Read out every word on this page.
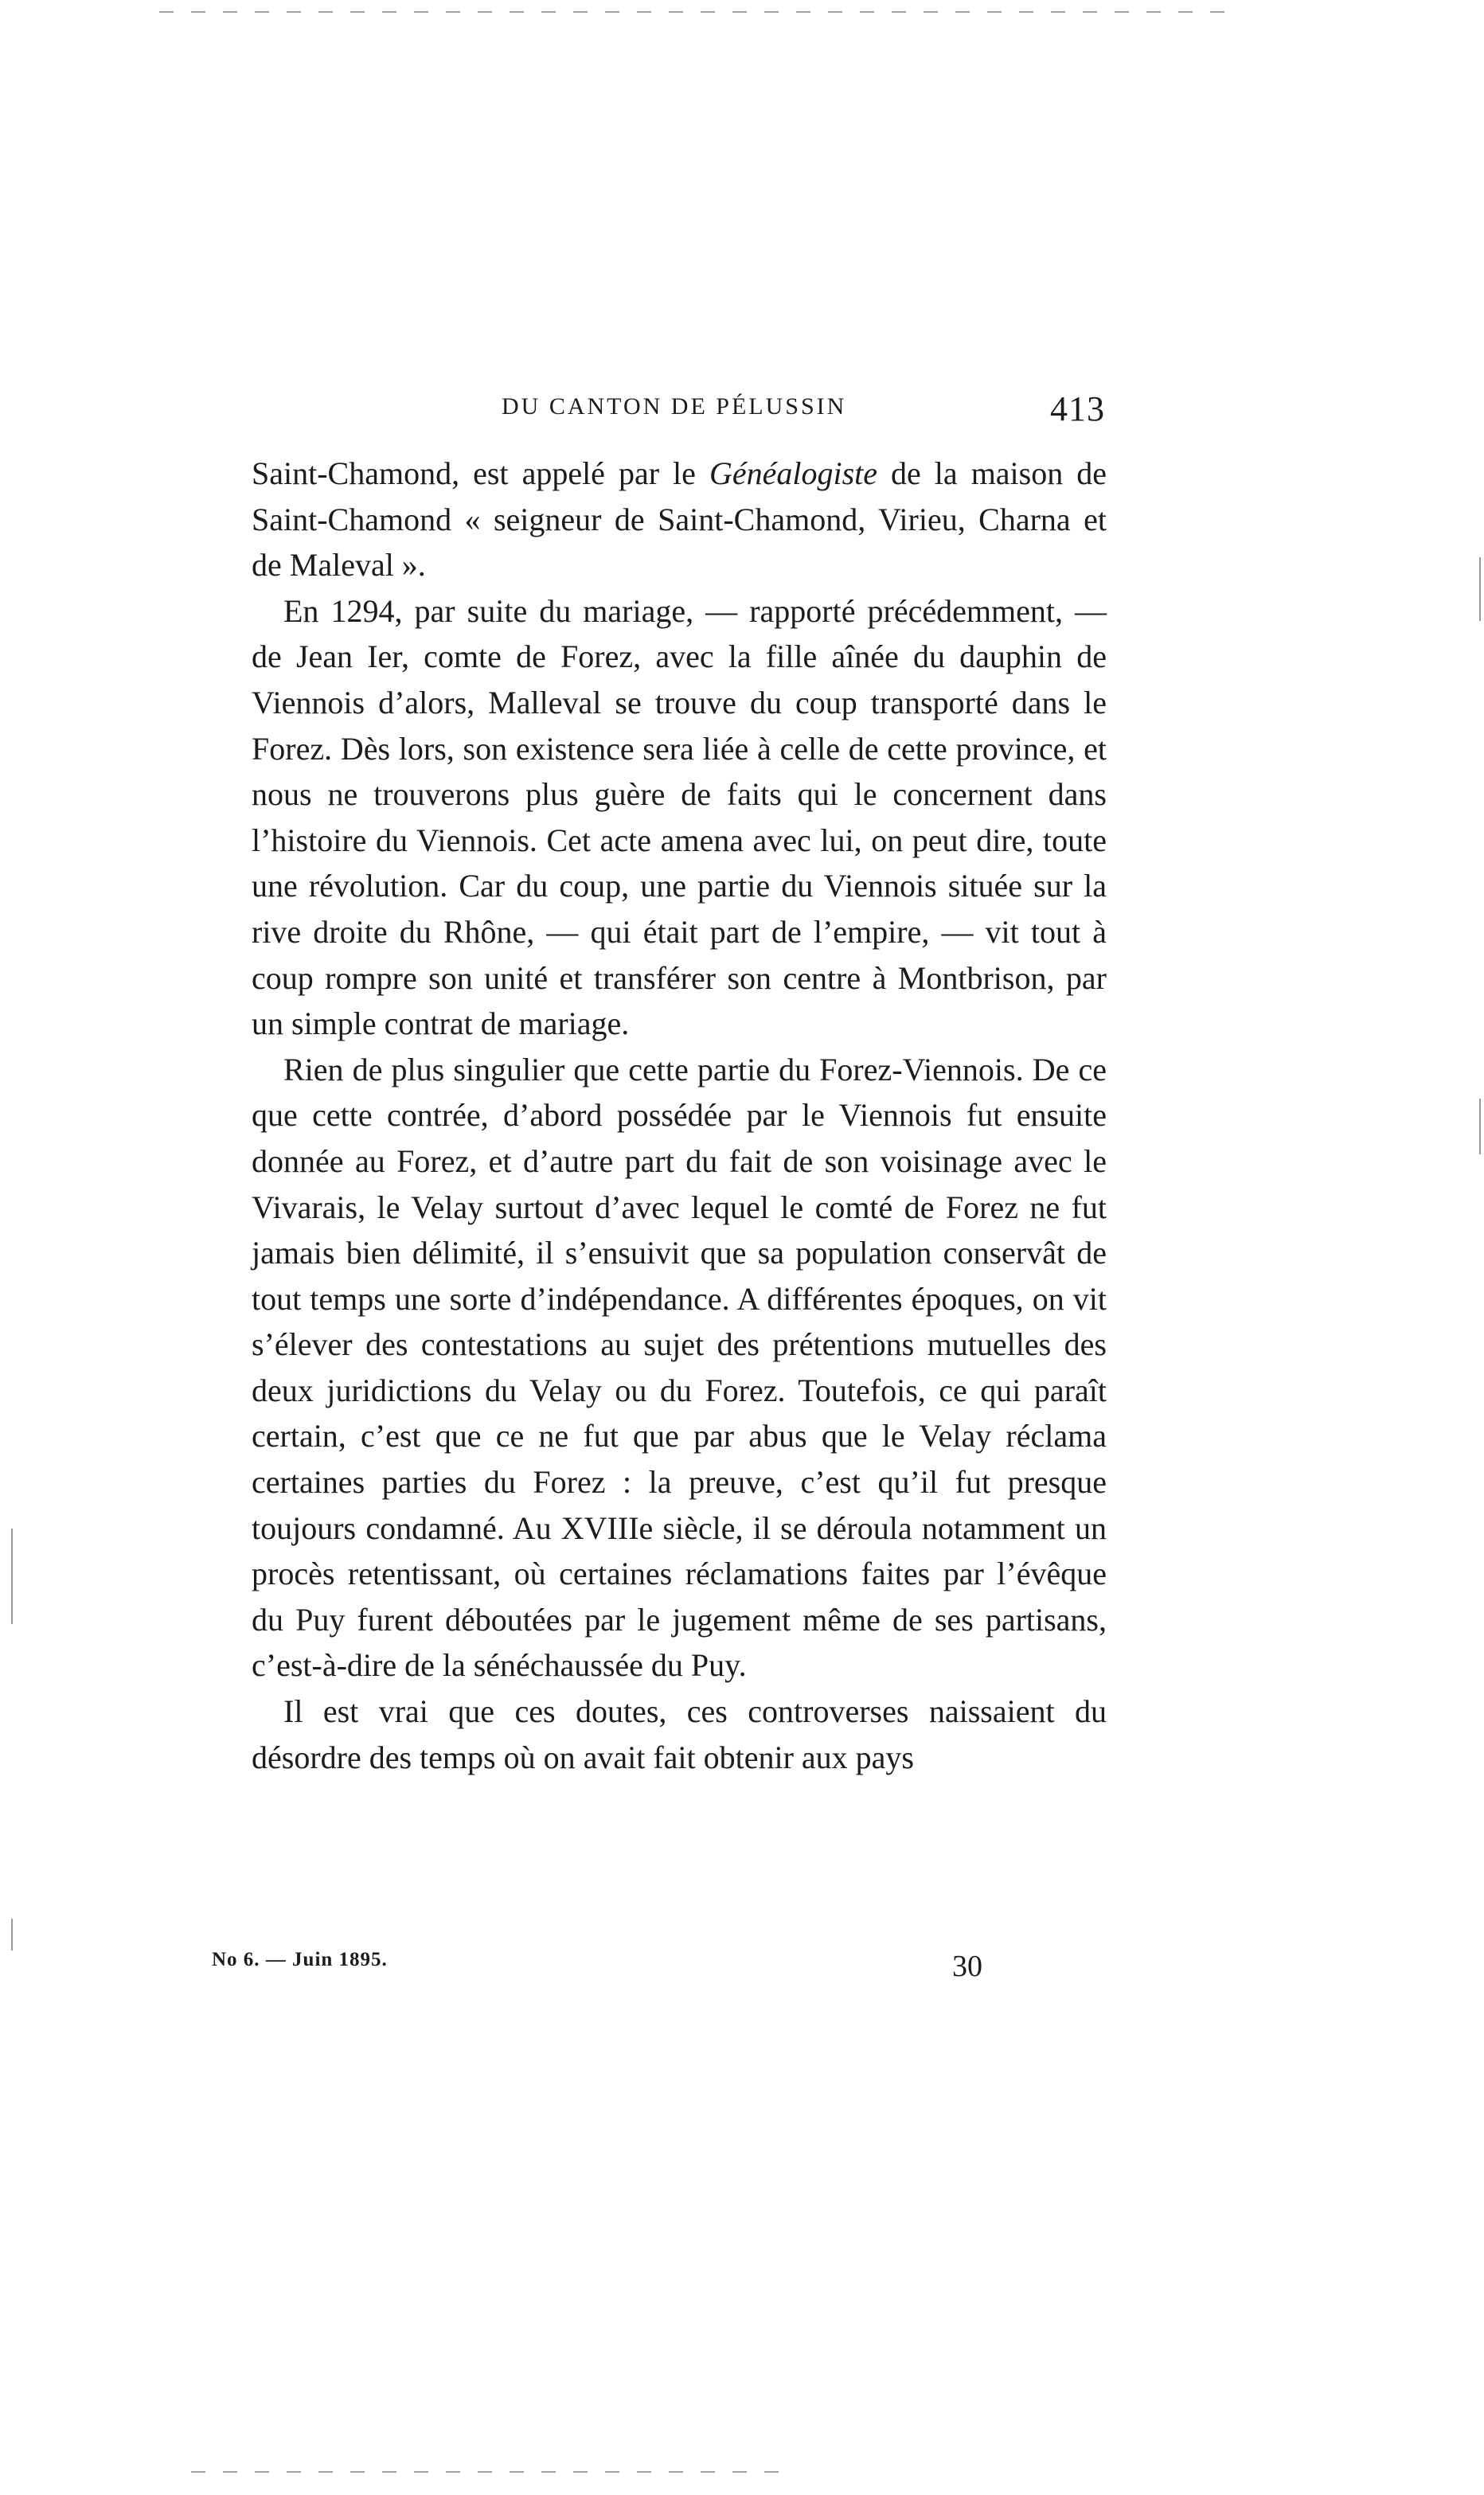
DU CANTON DE PÉLUSSIN	413

Saint-Chamond, est appelé par le Généalogiste de la maison de Saint-Chamond « seigneur de Saint-Chamond, Virieu, Charna et de Maleval ».

En 1294, par suite du mariage, — rapporté précédemment, — de Jean Ier, comte de Forez, avec la fille aînée du dauphin de Viennois d’alors, Malleval se trouve du coup transporté dans le Forez. Dès lors, son existence sera liée à celle de cette province, et nous ne trouverons plus guère de faits qui le concernent dans l’histoire du Viennois. Cet acte amena avec lui, on peut dire, toute une révolution. Car du coup, une partie du Viennois située sur la rive droite du Rhône, — qui était part de l’empire, — vit tout à coup rompre son unité et transférer son centre à Montbrison, par un simple contrat de mariage.

Rien de plus singulier que cette partie du Forez-Viennois. De ce que cette contrée, d’abord possédée par le Viennois fut ensuite donnée au Forez, et d’autre part du fait de son voisinage avec le Vivarais, le Velay surtout d’avec lequel le comté de Forez ne fut jamais bien délimité, il s’ensuivit que sa population conservât de tout temps une sorte d’indépendance. A différentes époques, on vit s’élever des contestations au sujet des prétentions mutuelles des deux juridictions du Velay ou du Forez. Toutefois, ce qui paraît certain, c’est que ce ne fut que par abus que le Velay réclama certaines parties du Forez : la preuve, c’est qu’il fut presque toujours condamné. Au XVIIIe siècle, il se déroula notamment un procès retentissant, où certaines réclamations faites par l’évêque du Puy furent déboutées par le jugement même de ses partisans, c’est-à-dire de la sénéchaussée du Puy.

Il est vrai que ces doutes, ces controverses naissaient du désordre des temps où on avait fait obtenir aux pays

No 6. — Juin 1895.	30
